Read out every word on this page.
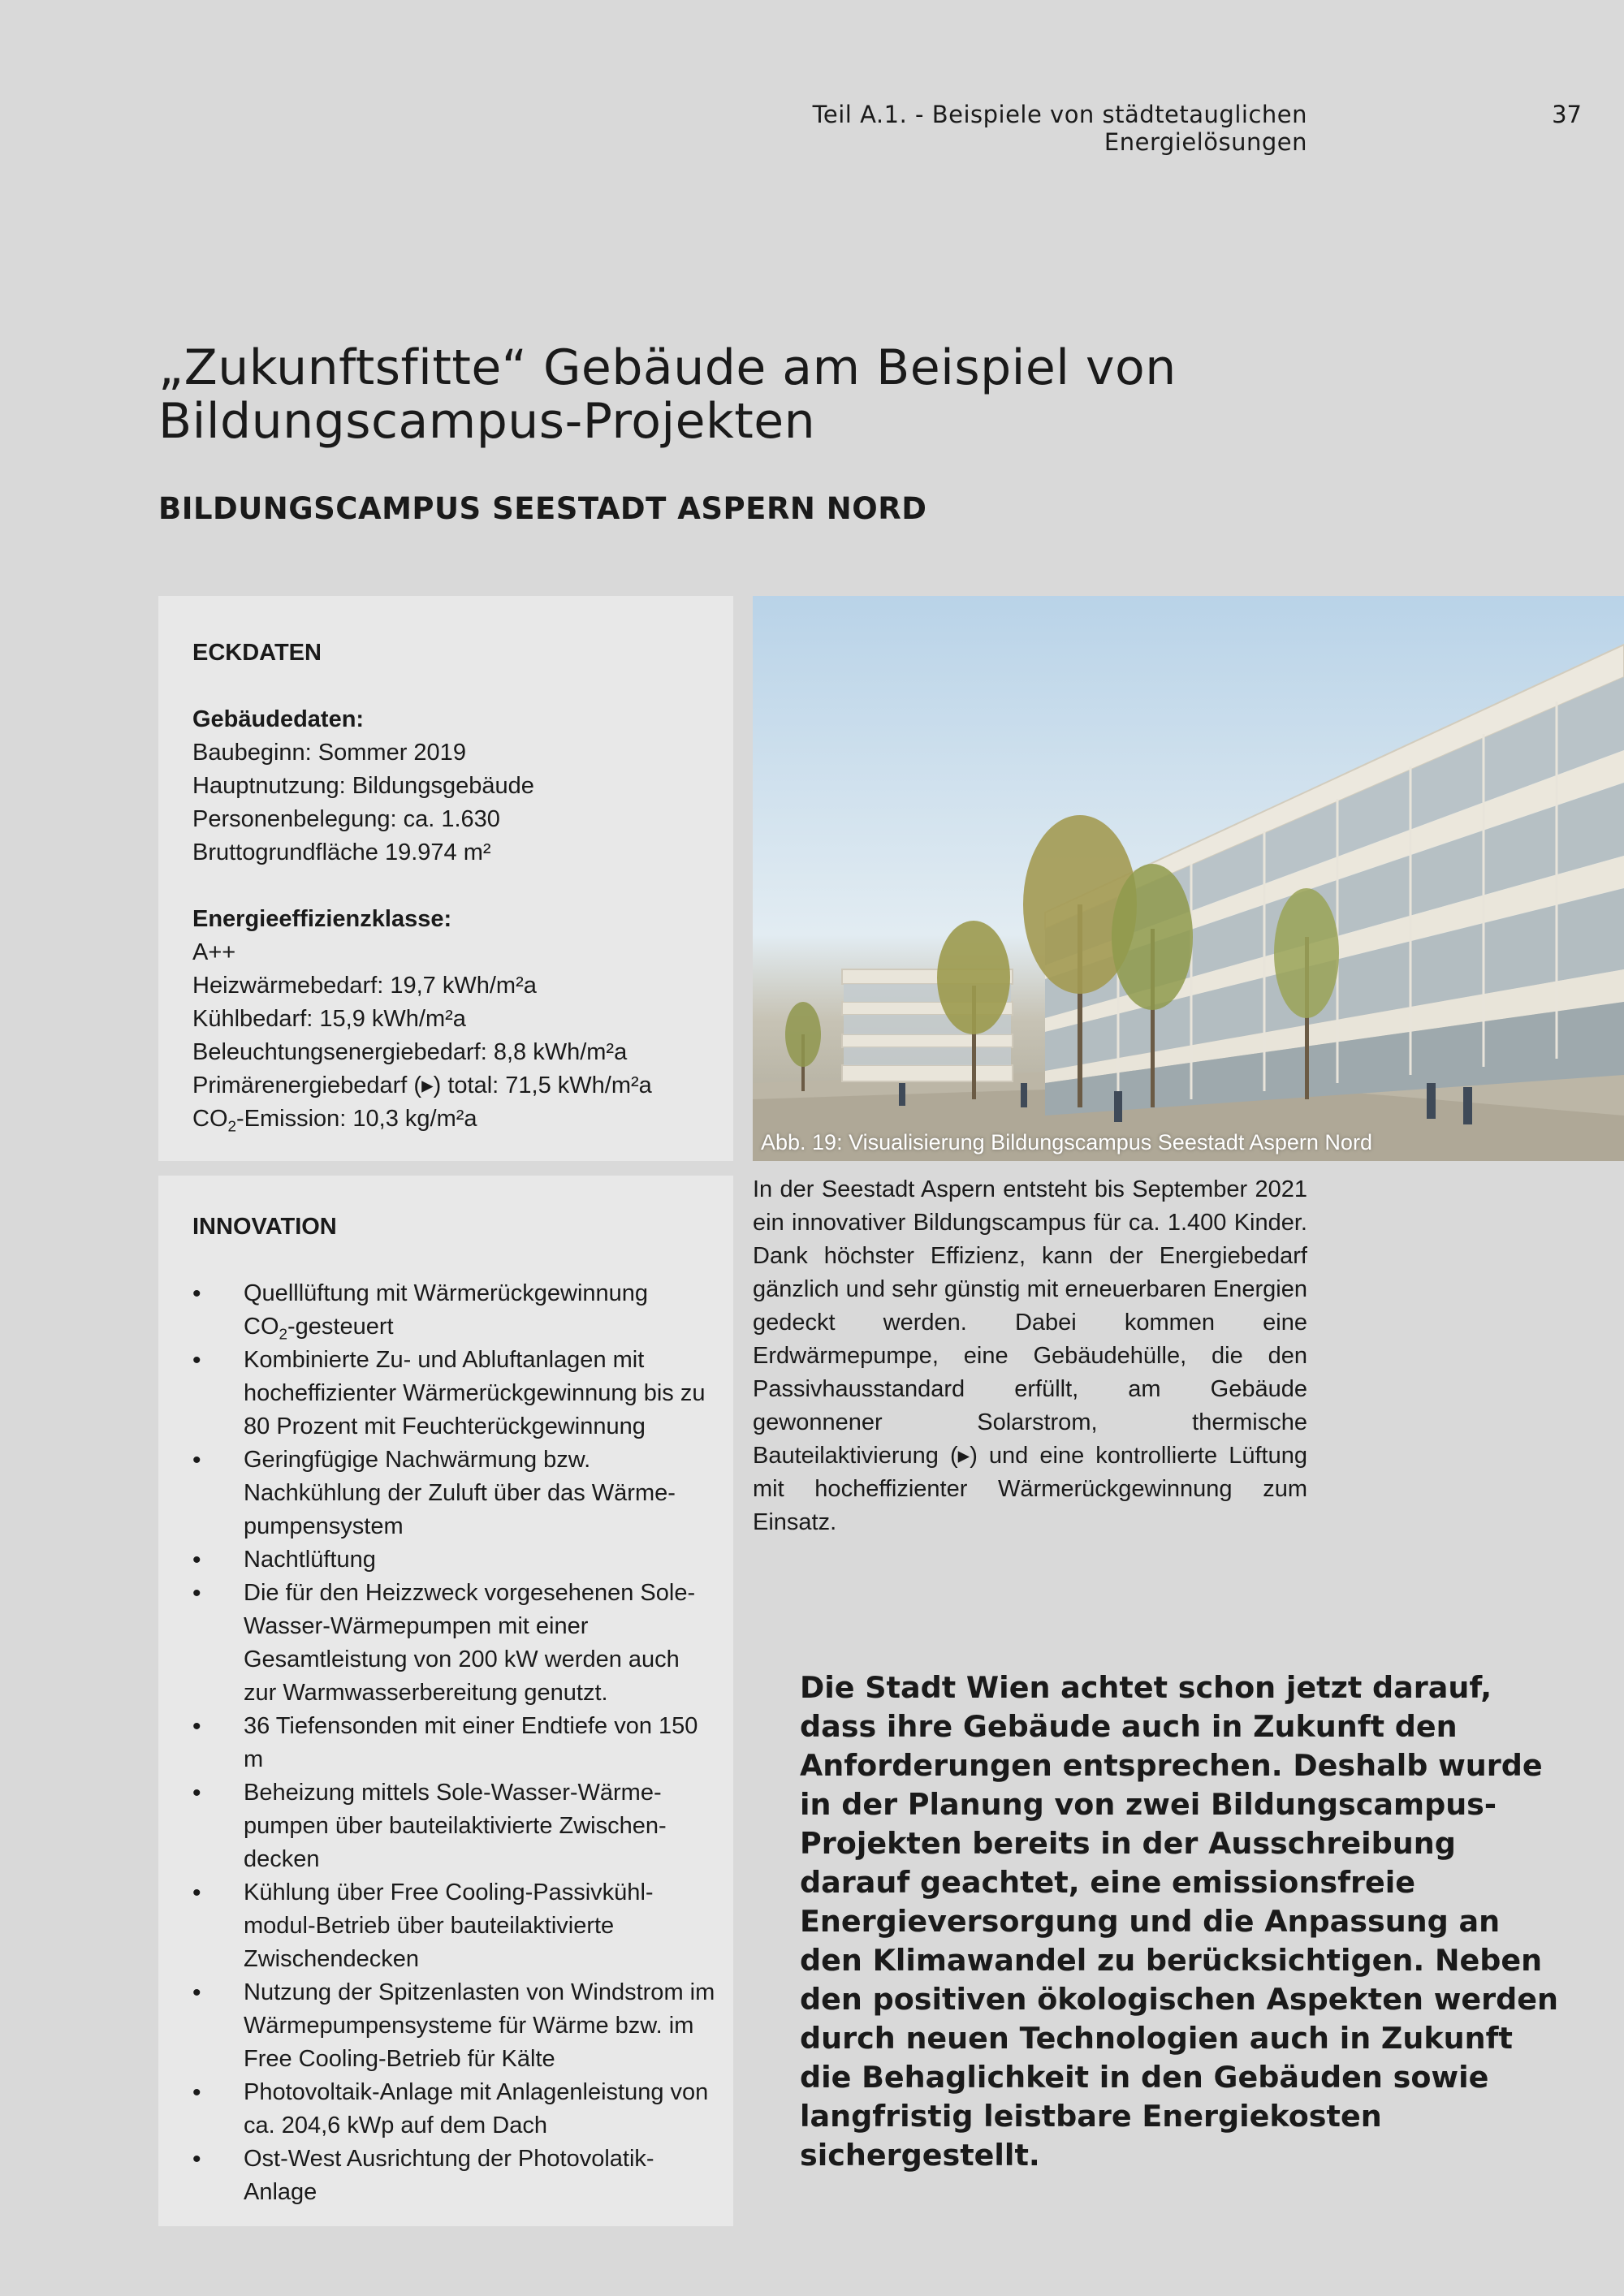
Teil A.1. - Beispiele von städtetauglichen Energielösungen
37
„Zukunftsfitte“ Gebäude am Beispiel von
Bildungscampus-Projekten
BILDUNGSCAMPUS SEESTADT ASPERN NORD
ECKDATEN
Gebäudedaten:
Baubeginn: Sommer 2019
Hauptnutzung: Bildungsgebäude
Personenbelegung: ca. 1.630
Bruttogrundfläche 19.974 m²
Energieeffizienzklasse:
A++
Heizwärmebedarf: 19,7 kWh/m²a
Kühlbedarf: 15,9 kWh/m²a
Beleuchtungsenergiebedarf: 8,8 kWh/m²a
Primärenergiebedarf (▸) total: 71,5 kWh/m²a
$CO_2$-Emission: 10,3 kg/m²a
INNOVATION
• Quelllüftung mit Wärmerückgewinnung
$CO_2$-gesteuert
• Kombinierte Zu- und Abluftanlagen mit hocheffizienter Wärmerückgewinnung bis zu 80 Prozent mit Feuchterückgewinnung
• Geringfügige Nachwärmung bzw. Nachkühlung der Zuluft über das Wärme-pumpensystem
• Nachtlüftung
• Die für den Heizzweck vorgesehenen Sole-Wasser-Wärmepumpen mit einer Gesamtleistung von 200 kW werden auch zur Warmwasserbereitung genutzt.
• 36 Tiefensonden mit einer Endtiefe von 150 m
• Beheizung mittels Sole-Wasser-Wärme-pumpen über bauteilaktivierte Zwischen-decken
• Kühlung über Free Cooling-Passivkühl-modul-Betrieb über bauteilaktivierte Zwischendecken
• Nutzung der Spitzenlasten von Windstrom im Wärmepumpensysteme für Wärme bzw. im Free Cooling-Betrieb für Kälte
• Photovoltaik-Anlage mit Anlagenleistung von ca. 204,6 kWp auf dem Dach
• Ost-West Ausrichtung der Photovolatik-Anlage
Abb. 19: Visualisierung Bildungscampus Seestadt Aspern Nord

In der Seestadt Aspern entsteht bis September 2021 ein innovativer Bildungscampus für ca. 1.400 Kinder. Dank höchster Effizienz, kann der Energiebedarf gänzlich und sehr günstig mit erneuerbaren Energien gedeckt werden. Dabei kommen eine Erdwärmepumpe, eine Gebäudehülle, die den Passivhausstandard erfüllt, am Gebäude gewonnener Solarstrom, thermische Bauteilaktivierung (▸) und eine kontrollierte Lüftung mit hocheffizienter Wärmerückgewinnung zum Einsatz.

Die Stadt Wien achtet schon jetzt darauf, dass ihre Gebäude auch in Zukunft den Anforderungen entsprechen. Deshalb wurde in der Planung von zwei Bildungscampus-Projekten bereits in der Ausschreibung darauf geachtet, eine emissionsfreie Energieversorgung und die Anpassung an den Klimawandel zu berücksichtigen. Neben den positiven ökologischen Aspekten werden durch neuen Technologien auch in Zukunft die Behaglichkeit in den Gebäuden sowie langfristig leistbare Energiekosten sichergestellt.
